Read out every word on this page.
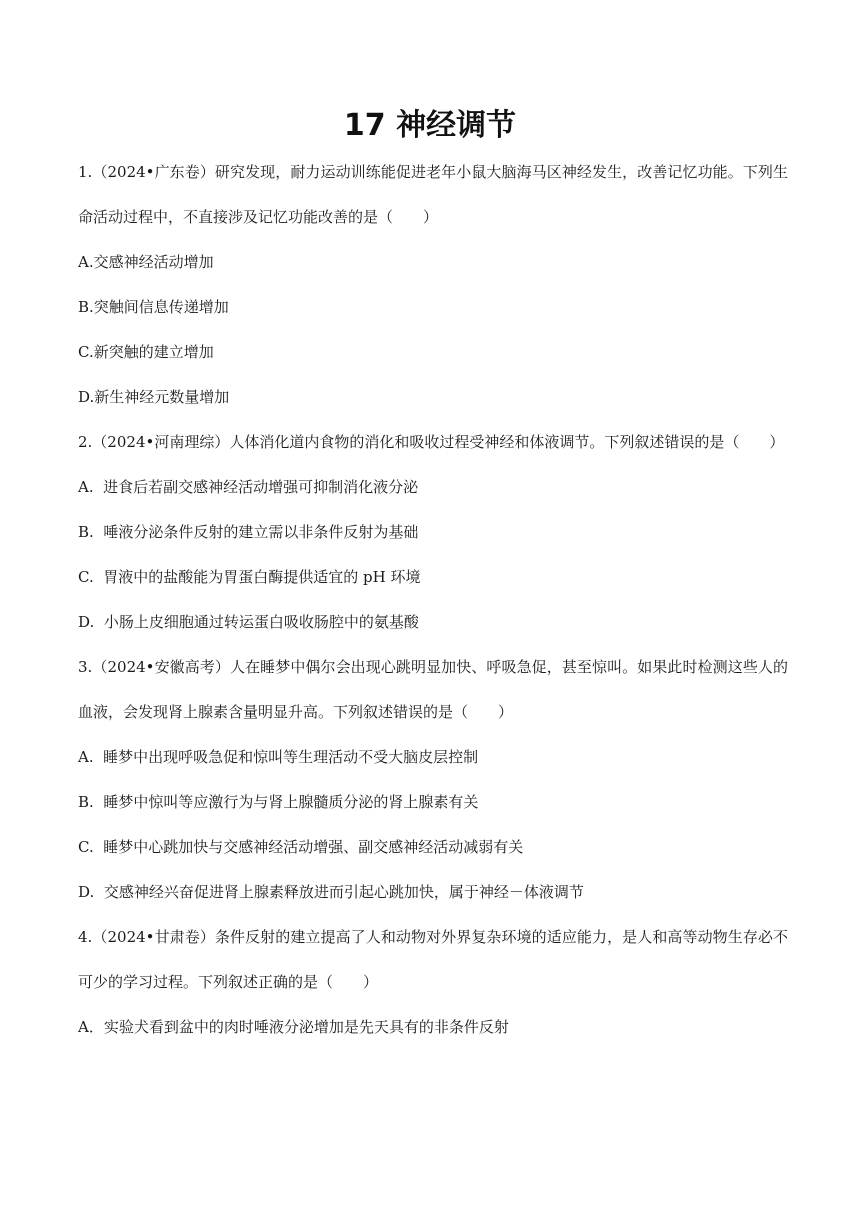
17 神经调节
1.（2024•广东卷）研究发现，耐力运动训练能促进老年小鼠大脑海马区神经发生，改善记忆功能。下列生命活动过程中，不直接涉及记忆功能改善的是（　　）
A.交感神经活动增加
B.突触间信息传递增加
C.新突触的建立增加
D.新生神经元数量增加
2.（2024•河南理综）人体消化道内食物的消化和吸收过程受神经和体液调节。下列叙述错误的是（　　）
A. 进食后若副交感神经活动增强可抑制消化液分泌
B. 唾液分泌条件反射的建立需以非条件反射为基础
C. 胃液中的盐酸能为胃蛋白酶提供适宜的 pH 环境
D. 小肠上皮细胞通过转运蛋白吸收肠腔中的氨基酸
3.（2024•安徽高考）人在睡梦中偶尔会出现心跳明显加快、呼吸急促，甚至惊叫。如果此时检测这些人的血液，会发现肾上腺素含量明显升高。下列叙述错误的是（　　）
A. 睡梦中出现呼吸急促和惊叫等生理活动不受大脑皮层控制
B. 睡梦中惊叫等应激行为与肾上腺髓质分泌的肾上腺素有关
C. 睡梦中心跳加快与交感神经活动增强、副交感神经活动减弱有关
D. 交感神经兴奋促进肾上腺素释放进而引起心跳加快，属于神经－体液调节
4.（2024•甘肃卷）条件反射的建立提高了人和动物对外界复杂环境的适应能力，是人和高等动物生存必不可少的学习过程。下列叙述正确的是（　　）
A．实验犬看到盆中的肉时唾液分泌增加是先天具有的非条件反射
